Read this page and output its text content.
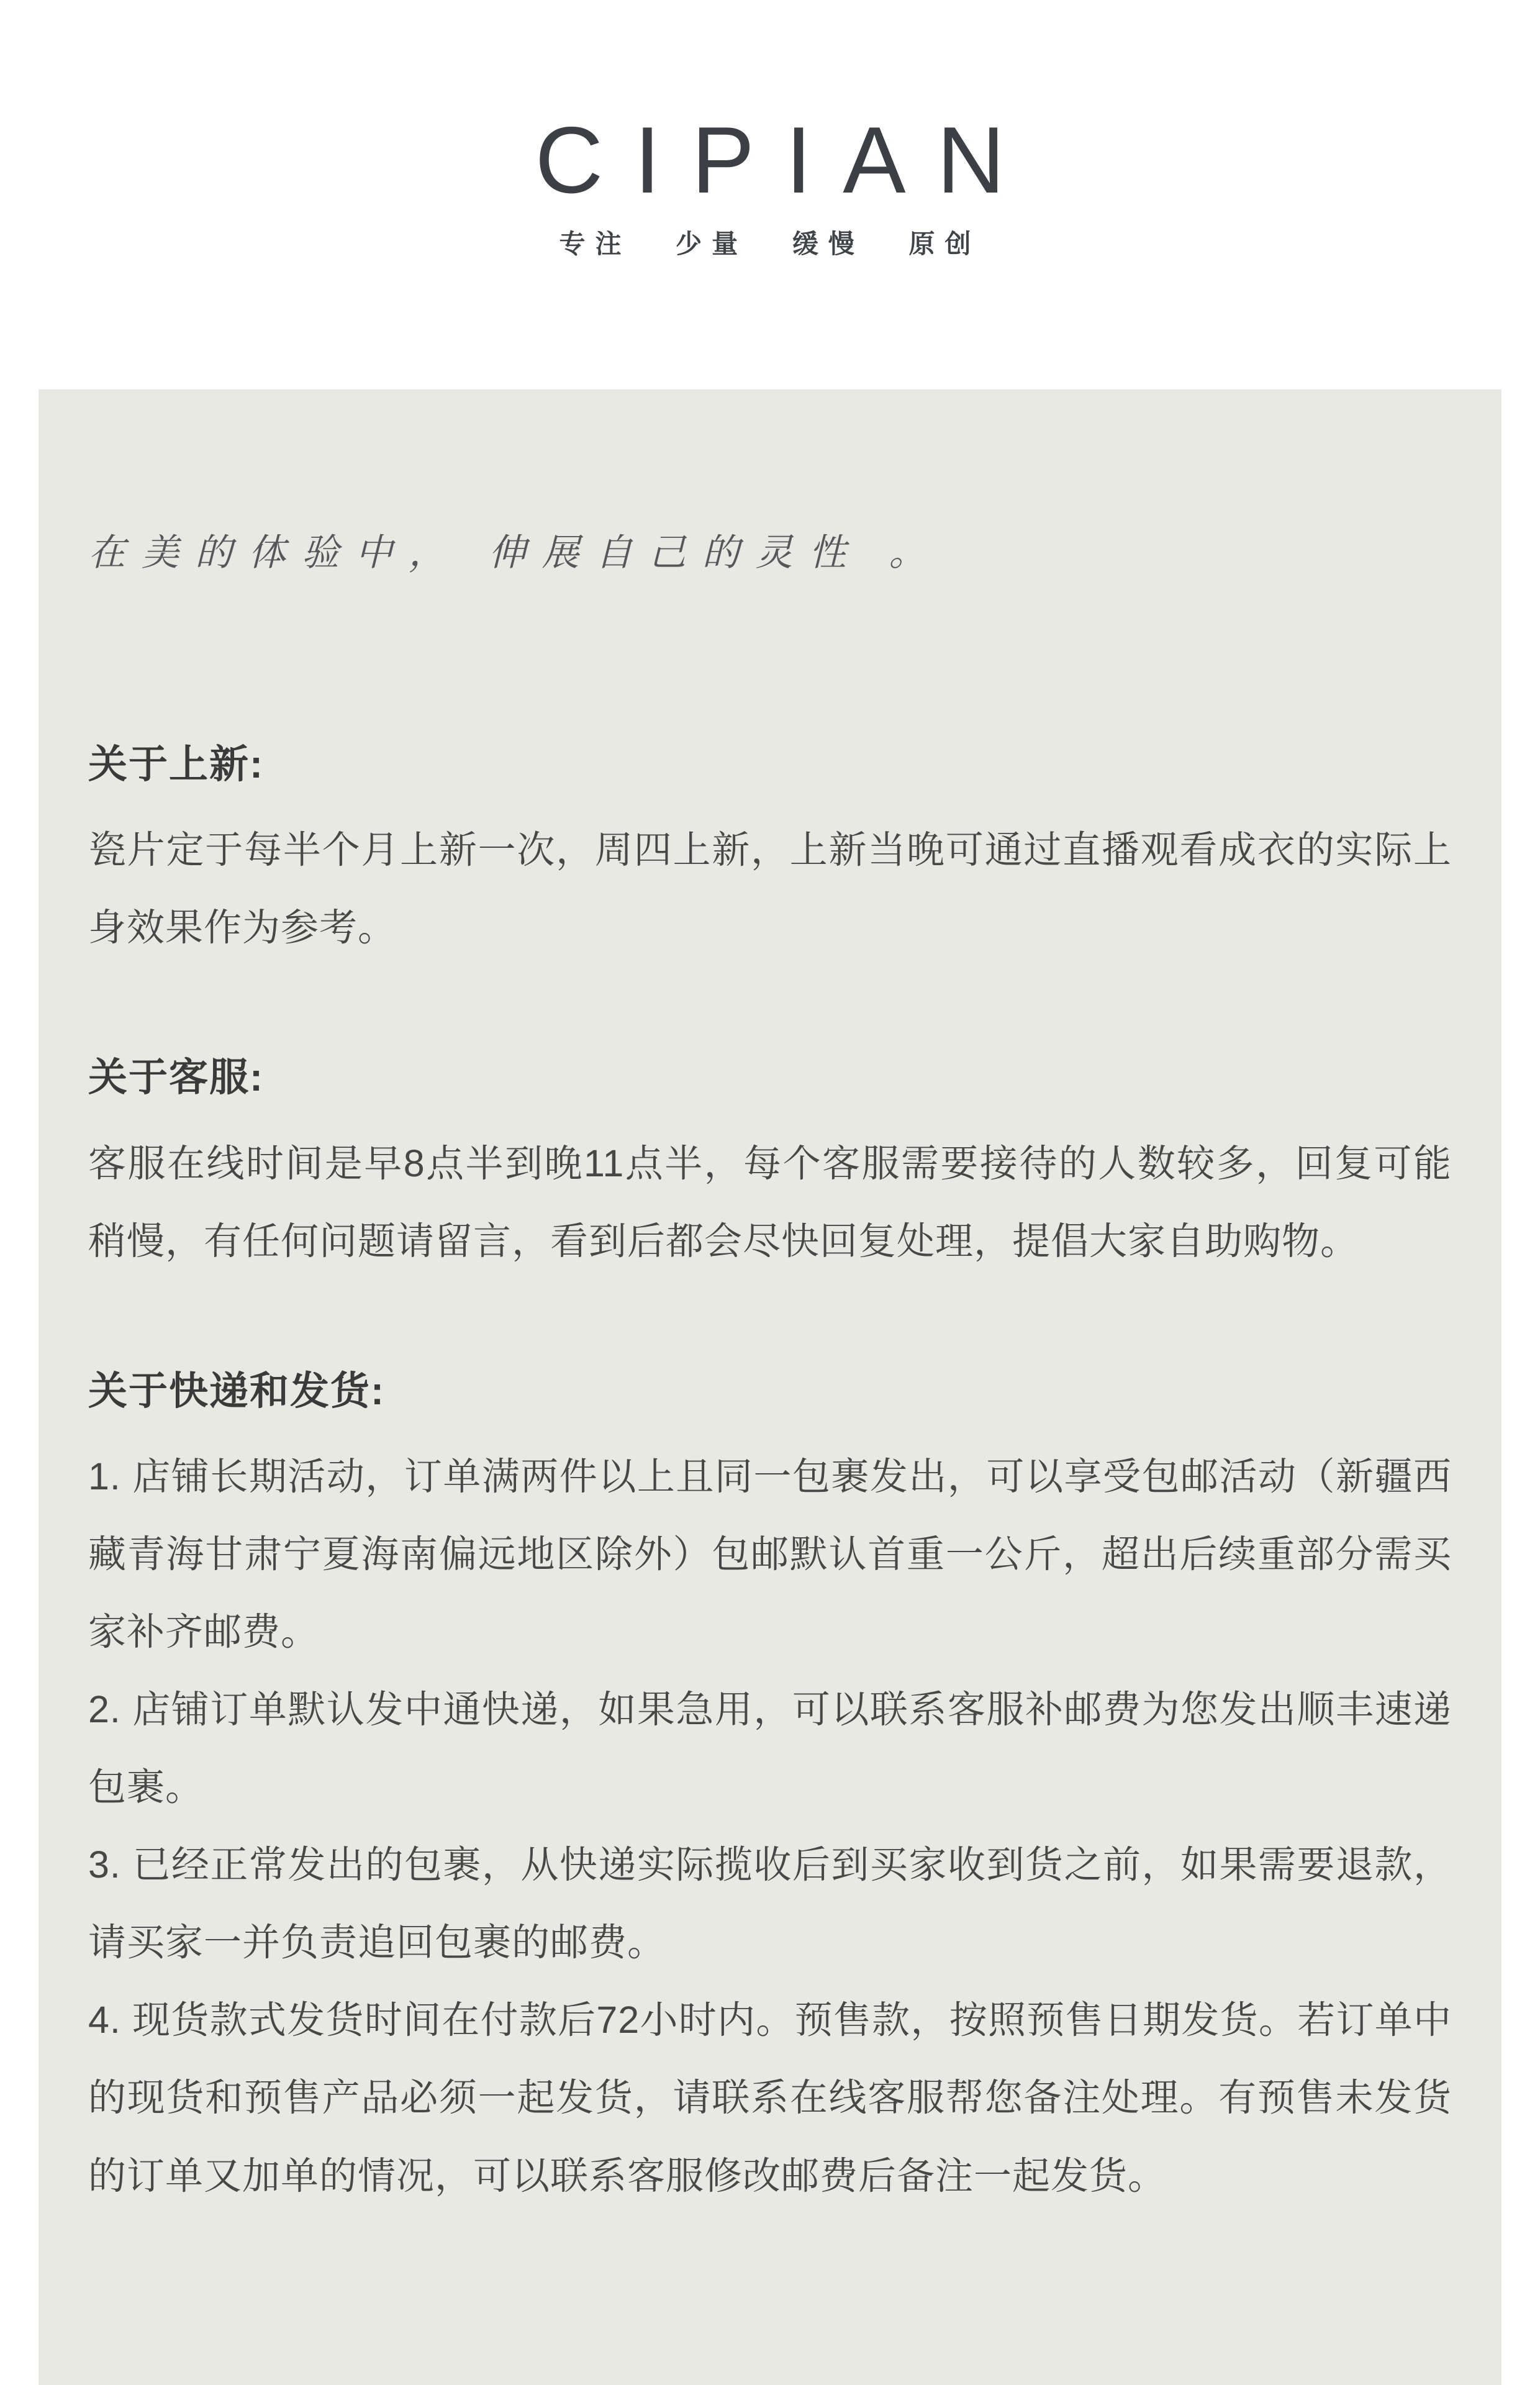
CIPIAN
专注 少量 缓慢 原创

在美的体验中， 伸展自己的灵性 。

关于上新:

瓷片定于每半个月上新一次，周四上新，上新当晚可通过直播观看成衣的实际上身效果作为参考。

关于客服:

客服在线时间是早8点半到晚11点半，每个客服需要接待的人数较多，回复可能稍慢，有任何问题请留言，看到后都会尽快回复处理，提倡大家自助购物。

关于快递和发货:

1. 店铺长期活动，订单满两件以上且同一包裹发出，可以享受包邮活动（新疆西藏青海甘肃宁夏海南偏远地区除外）包邮默认首重一公斤，超出后续重部分需买家补齐邮费。

2. 店铺订单默认发中通快递，如果急用，可以联系客服补邮费为您发出顺丰速递包裹。

3. 已经正常发出的包裹，从快递实际揽收后到买家收到货之前，如果需要退款，请买家一并负责追回包裹的邮费。

4. 现货款式发货时间在付款后72小时内。预售款，按照预售日期发货。若订单中的现货和预售产品必须一起发货，请联系在线客服帮您备注处理。有预售未发货的订单又加单的情况，可以联系客服修改邮费后备注一起发货。
